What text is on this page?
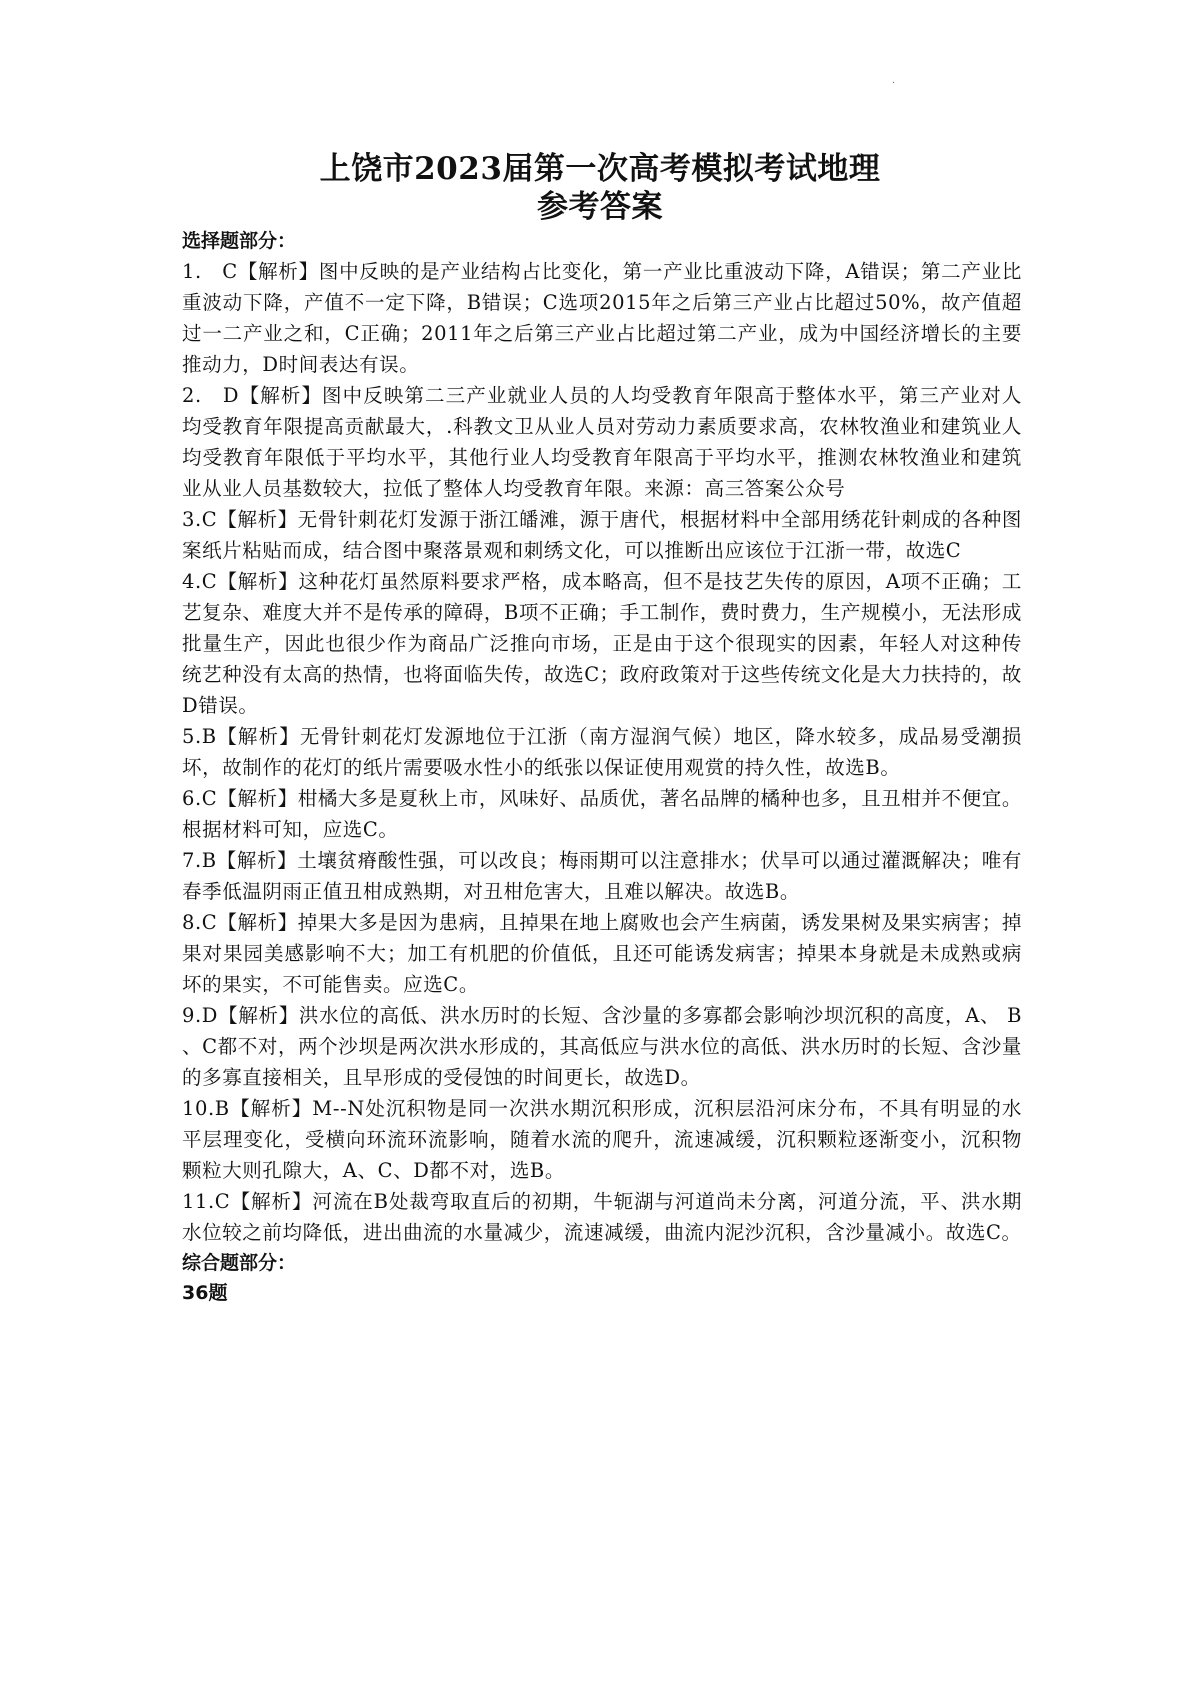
·
上饶市2023届第一次高考模拟考试地理
参考答案

选择题部分：

1.　C【解析】图中反映的是产业结构占比变化，第一产业比重波动下降，A错误；第二产业比重波动下降，产值不一定下降，B错误；C选项2015年之后第三产业占比超过50%，故产值超过一二产业之和，C正确；2011年之后第三产业占比超过第二产业，成为中国经济增长的主要推动力，D时间表达有误。

2.　D【解析】图中反映第二三产业就业人员的人均受教育年限高于整体水平，第三产业对人均受教育年限提高贡献最大，.科教文卫从业人员对劳动力素质要求高，农林牧渔业和建筑业人均受教育年限低于平均水平，其他行业人均受教育年限高于平均水平，推测农林牧渔业和建筑业从业人员基数较大，拉低了整体人均受教育年限。来源：高三答案公众号

3.C【解析】无骨针刺花灯发源于浙江皤滩，源于唐代，根据材料中全部用绣花针刺成的各种图案纸片粘贴而成，结合图中聚落景观和刺绣文化，可以推断出应该位于江浙一带，故选C

4.C【解析】这种花灯虽然原料要求严格，成本略高，但不是技艺失传的原因，A项不正确；工艺复杂、难度大并不是传承的障碍，B项不正确；手工制作，费时费力，生产规模小，无法形成批量生产，因此也很少作为商品广泛推向市场，正是由于这个很现实的因素，年轻人对这种传统艺种没有太高的热情，也将面临失传，故选C；政府政策对于这些传统文化是大力扶持的，故D错误。

5.B【解析】无骨针刺花灯发源地位于江浙（南方湿润气候）地区，降水较多，成品易受潮损坏，故制作的花灯的纸片需要吸水性小的纸张以保证使用观赏的持久性，故选B。

6.C【解析】柑橘大多是夏秋上市，风味好、品质优，著名品牌的橘种也多，且丑柑并不便宜。根据材料可知，应选C。

7.B【解析】土壤贫瘠酸性强，可以改良；梅雨期可以注意排水；伏旱可以通过灌溉解决；唯有春季低温阴雨正值丑柑成熟期，对丑柑危害大，且难以解决。故选B。

8.C【解析】掉果大多是因为患病，且掉果在地上腐败也会产生病菌，诱发果树及果实病害；掉果对果园美感影响不大；加工有机肥的价值低，且还可能诱发病害；掉果本身就是未成熟或病坏的果实，不可能售卖。应选C。

9.D【解析】洪水位的高低、洪水历时的长短、含沙量的多寡都会影响沙坝沉积的高度，A、 B 、C都不对，两个沙坝是两次洪水形成的，其高低应与洪水位的高低、洪水历时的长短、含沙量的多寡直接相关，且早形成的受侵蚀的时间更长，故选D。

10.B【解析】M--N处沉积物是同一次洪水期沉积形成，沉积层沿河床分布，不具有明显的水平层理变化，受横向环流环流影响，随着水流的爬升，流速减缓，沉积颗粒逐渐变小，沉积物颗粒大则孔隙大，A、C、D都不对，选B。

11.C【解析】河流在B处裁弯取直后的初期，牛轭湖与河道尚未分离，河道分流，平、洪水期水位较之前均降低，进出曲流的水量减少，流速减缓，曲流内泥沙沉积，含沙量减小。故选C。

综合题部分：

36题
